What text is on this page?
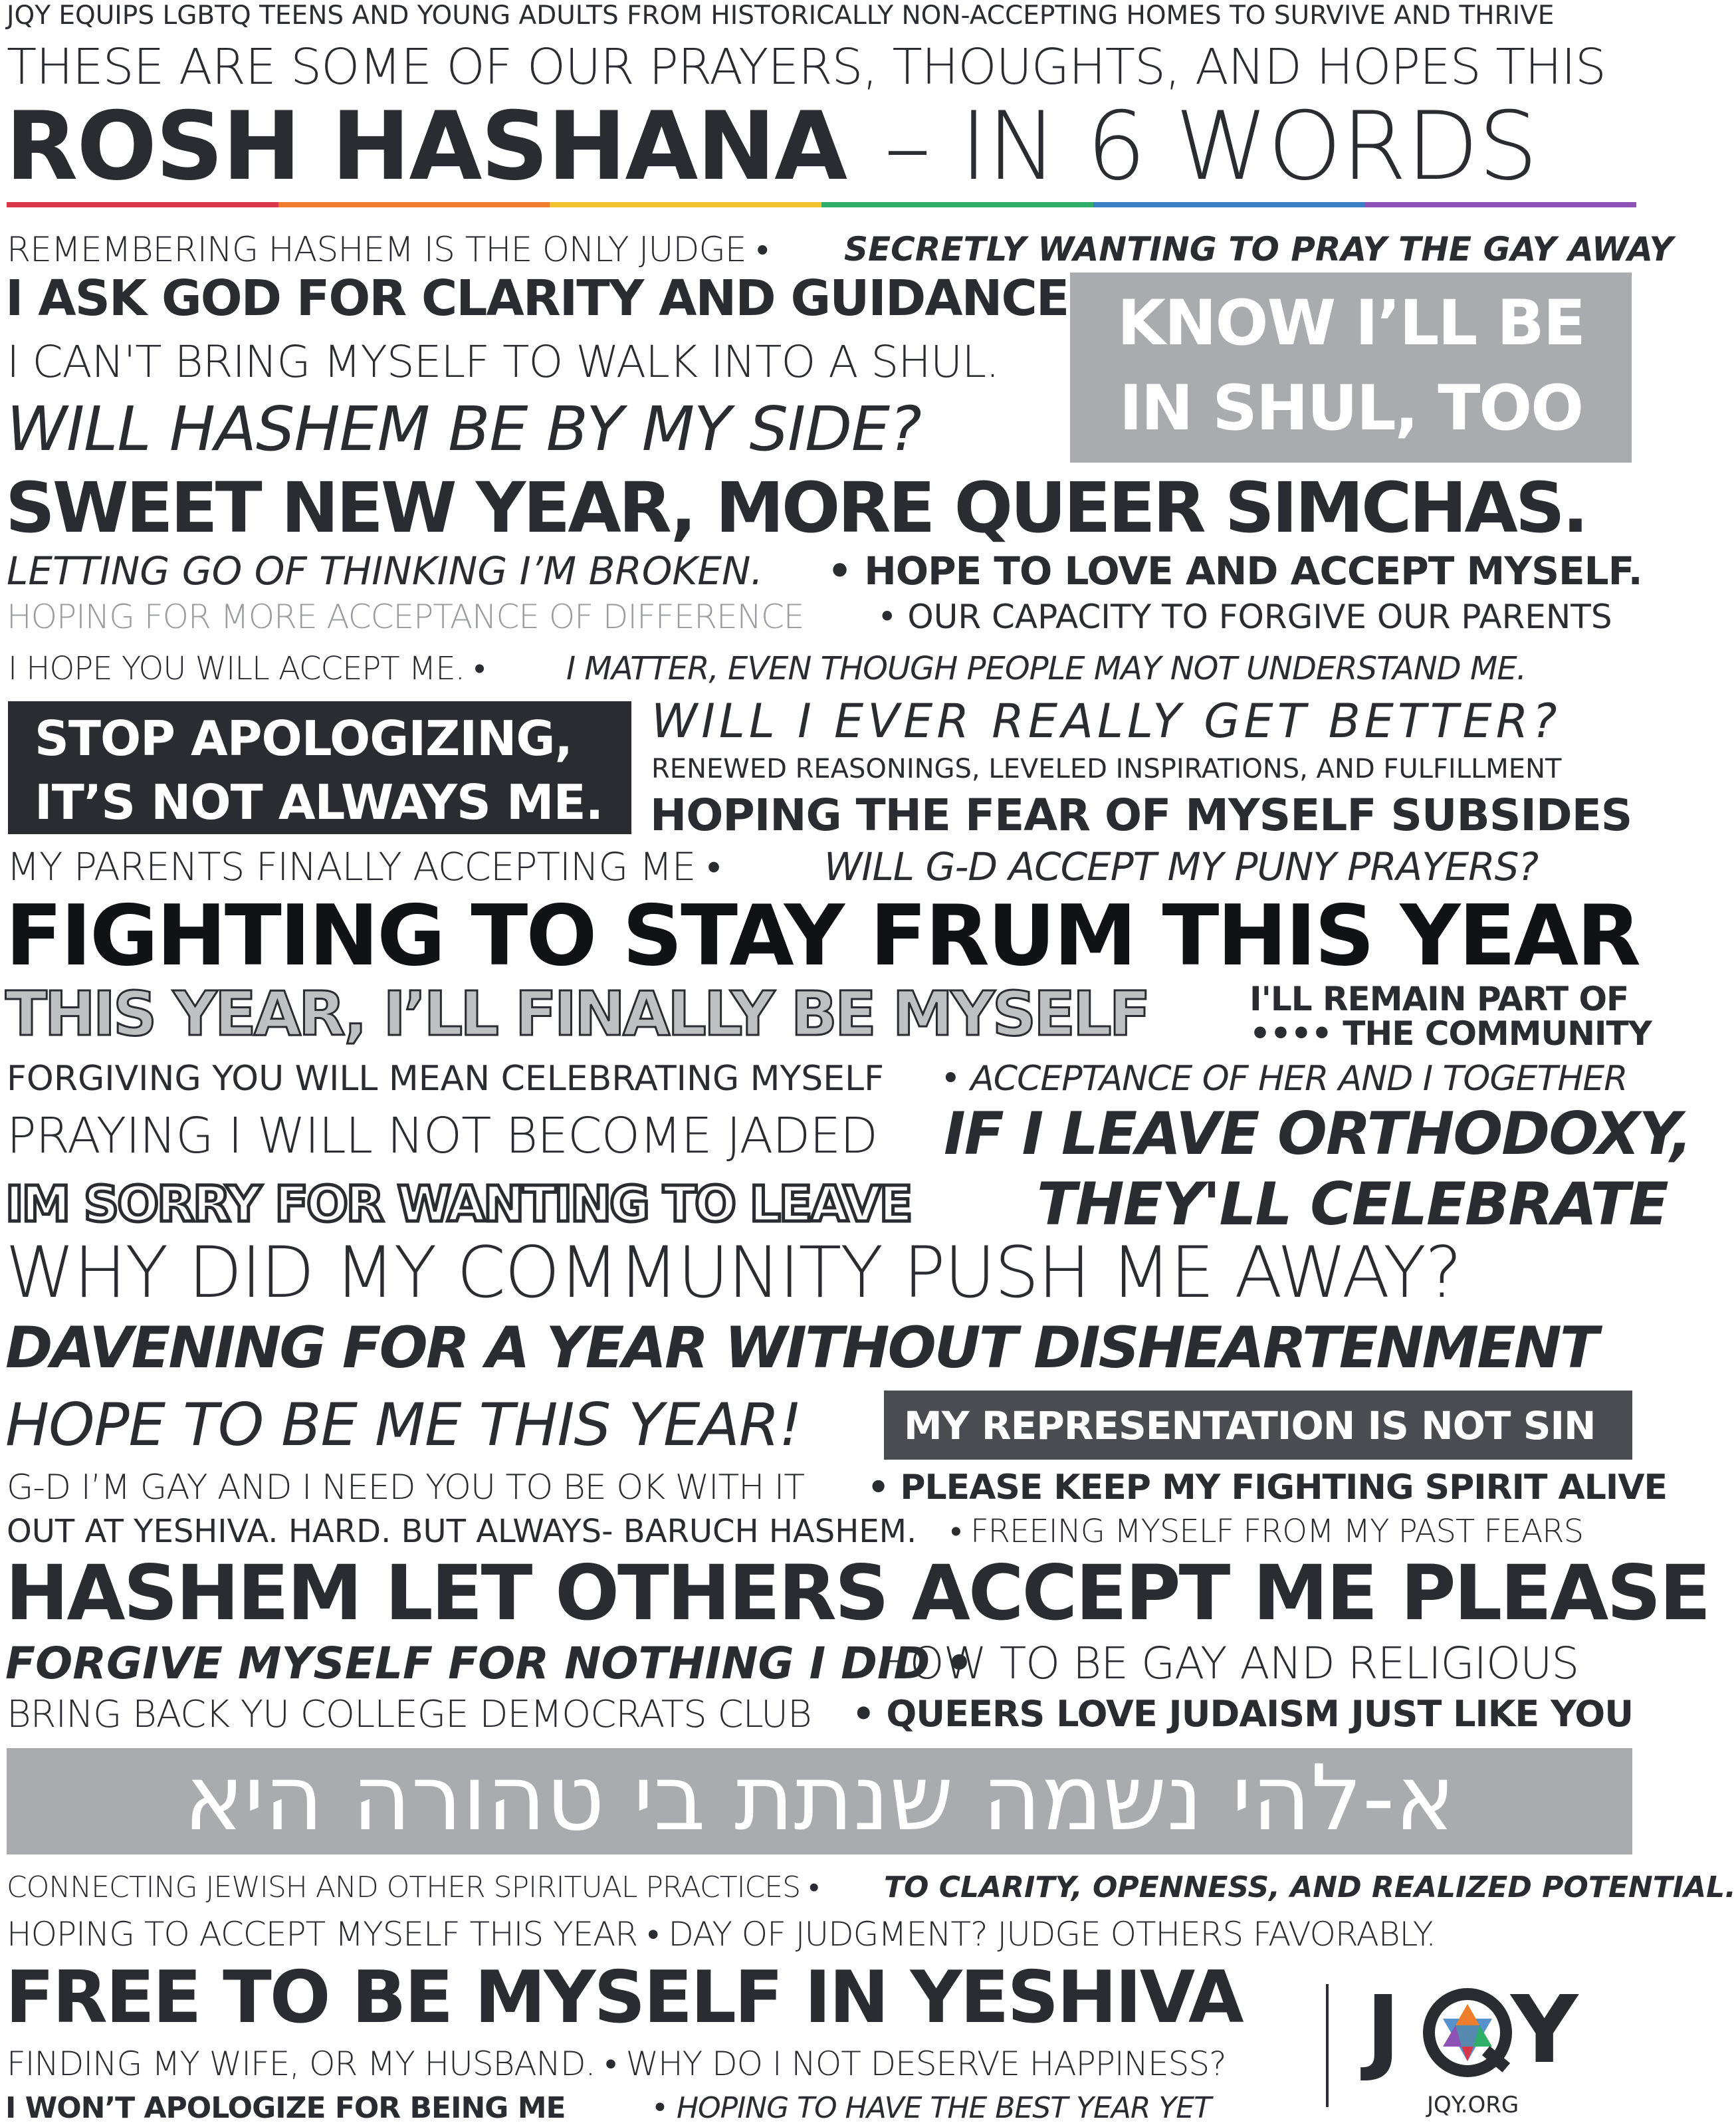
JQY EQUIPS LGBTQ TEENS AND YOUNG ADULTS FROM HISTORICALLY NON-ACCEPTING HOMES TO SURVIVE AND THRIVE
THESE ARE SOME OF OUR PRAYERS, THOUGHTS, AND HOPES THIS
ROSH HASHANA – IN 6 WORDS
REMEMBERING HASHEM IS THE ONLY JUDGE • SECRETLY WANTING TO PRAY THE GAY AWAY
I ASK GOD FOR CLARITY AND GUIDANCE
I CAN'T BRING MYSELF TO WALK INTO A SHUL.
WILL HASHEM BE BY MY SIDE?
KNOW I’LL BE
IN SHUL, TOO
SWEET NEW YEAR, MORE QUEER SIMCHAS.
LETTING GO OF THINKING I’M BROKEN. • HOPE TO LOVE AND ACCEPT MYSELF.
HOPING FOR MORE ACCEPTANCE OF DIFFERENCE • OUR CAPACITY TO FORGIVE OUR PARENTS
I HOPE YOU WILL ACCEPT ME. •	I MATTER, EVEN THOUGH PEOPLE MAY NOT UNDERSTAND ME.
STOP APOLOGIZING,
IT’S NOT ALWAYS ME.
WILL I EVER REALLY GET BETTER?
RENEWED REASONINGS, LEVELED INSPIRATIONS, AND FULFILLMENT
HOPING THE FEAR OF MYSELF SUBSIDES
MY PARENTS FINALLY ACCEPTING ME •	WILL G-D ACCEPT MY PUNY PRAYERS?
FIGHTING TO STAY FRUM THIS YEAR
THIS YEAR, I’LL FINALLY BE MYSELF	I'LL REMAIN PART OF
•••• THE COMMUNITY
FORGIVING YOU WILL MEAN CELEBRATING MYSELF • ACCEPTANCE OF HER AND I TOGETHER
PRAYING I WILL NOT BECOME JADED IF I LEAVE ORTHODOXY,
IM SORRY FOR WANTING TO LEAVE THEY'LL CELEBRATE
WHY DID MY COMMUNITY PUSH ME AWAY?
DAVENING FOR A YEAR WITHOUT DISHEARTENMENT
HOPE TO BE ME THIS YEAR!	MY REPRESENTATION IS NOT SIN
G-D I’M GAY AND I NEED YOU TO BE OK WITH IT • PLEASE KEEP MY FIGHTING SPIRIT ALIVE
OUT AT YESHIVA. HARD. BUT ALWAYS- BARUCH HASHEM. • FREEING MYSELF FROM MY PAST FEARS
HASHEM LET OTHERS ACCEPT ME PLEASE
FORGIVE MYSELF FOR NOTHING I DID •
HOW TO BE GAY AND RELIGIOUS
BRING BACK YU COLLEGE DEMOCRATS CLUB • QUEERS LOVE JUDAISM JUST LIKE YOU
א-להי נשמה שנתת בי טהורה היא
CONNECTING JEWISH AND OTHER SPIRITUAL PRACTICES • TO CLARITY, OPENNESS, AND REALIZED POTENTIAL.
HOPING TO ACCEPT MYSELF THIS YEAR • DAY OF JUDGMENT? JUDGE OTHERS FAVORABLY.
FREE TO BE MYSELF IN YESHIVA
FINDING MY WIFE, OR MY HUSBAND. • WHY DO I NOT DESERVE HAPPINESS?
I WON’T APOLOGIZE FOR BEING ME	• HOPING TO HAVE THE BEST YEAR YET
J Y
JQY.ORG
